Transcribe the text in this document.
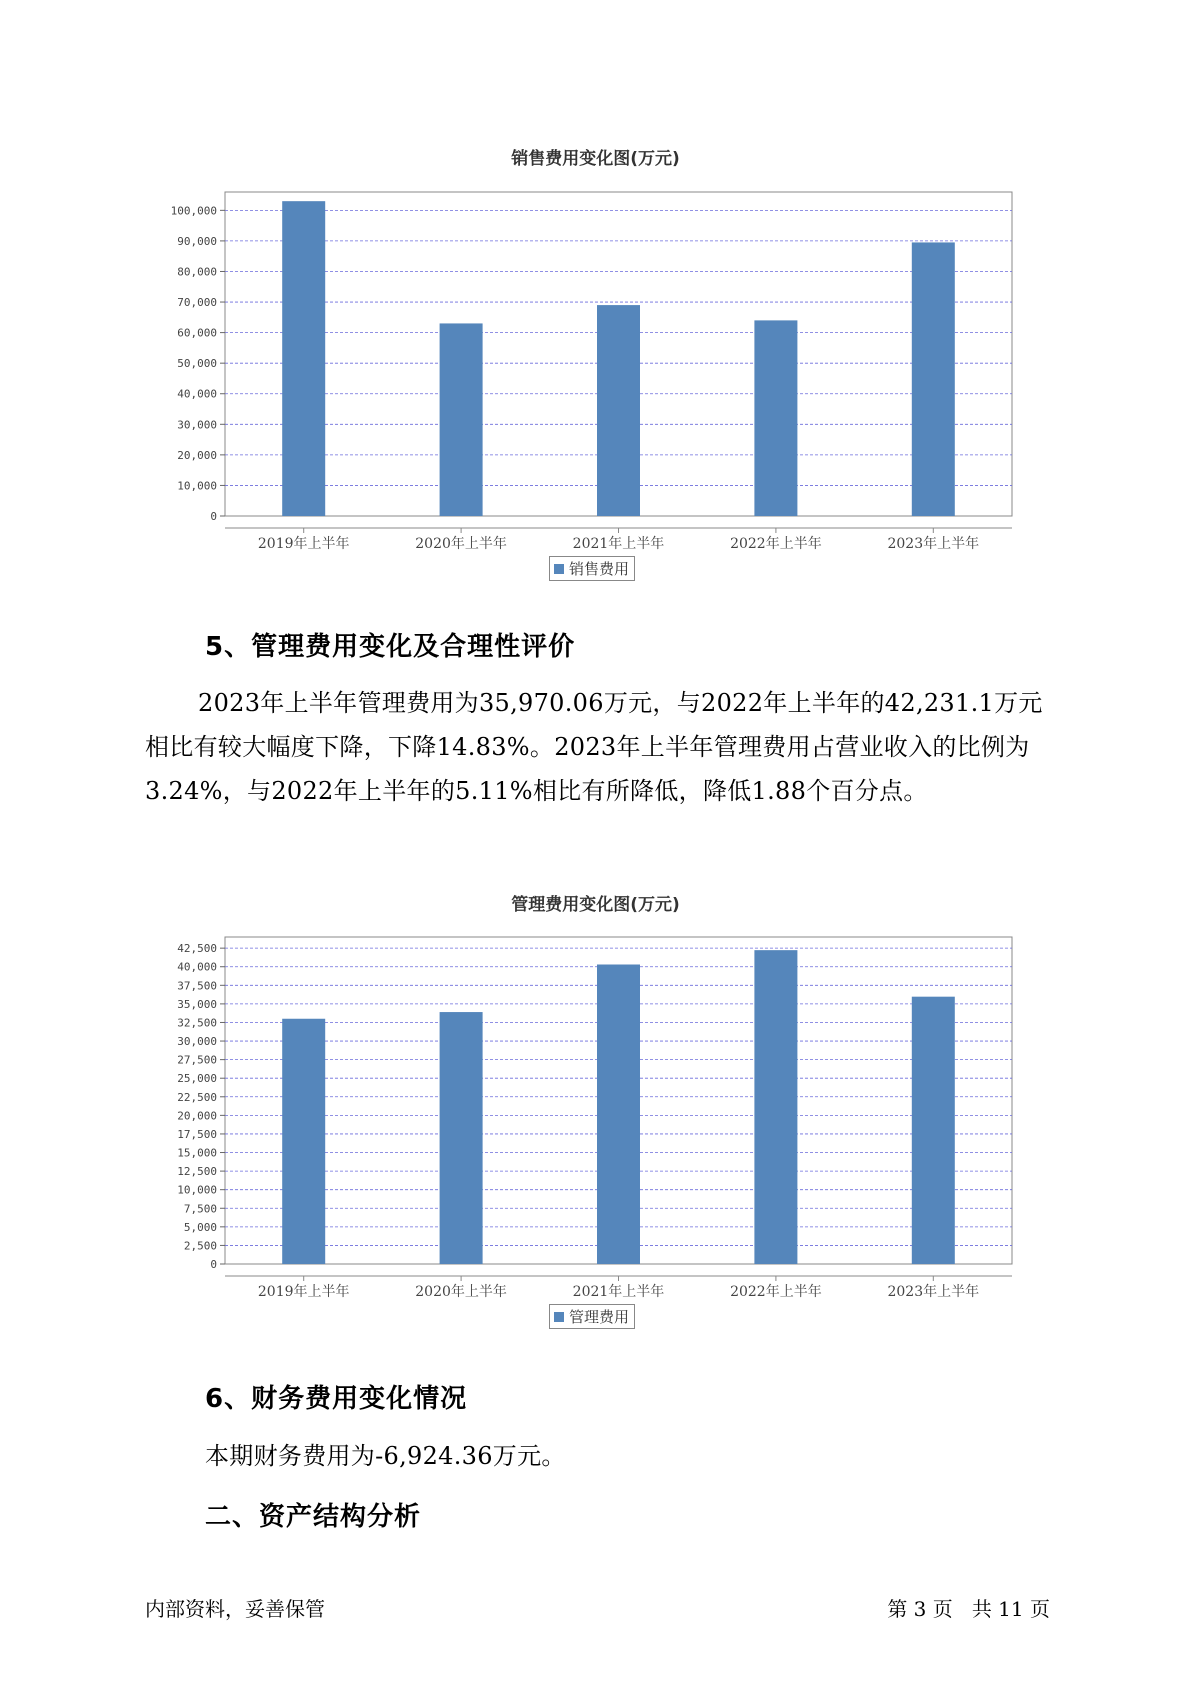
销售费用变化图(万元)
0
10,000
20,000
30,000
40,000
50,000
60,000
70,000
80,000
90,000
100,000
2019年上半年	2020年上半年	2021年上半年	2022年上半年	2023年上半年
销售费用
5、管理费用变化及合理性评价
2023年上半年管理费用为35,970.06万元，与2022年上半年的42,231.1万元相比有较大幅度下降，下降14.83%。2023年上半年管理费用占营业收入的比例为3.24%，与2022年上半年的5.11%相比有所降低，降低1.88个百分点。
管理费用变化图(万元)
0
2,500
5,000
7,500
10,000
12,500
15,000
17,500
20,000
22,500
25,000
27,500
30,000
32,500
35,000
37,500
40,000
42,500
2019年上半年	2020年上半年	2021年上半年	2022年上半年	2023年上半年
管理费用
6、财务费用变化情况
本期财务费用为-6,924.36万元。
二、资产结构分析
内部资料，妥善保管	第 3 页   共 11 页
